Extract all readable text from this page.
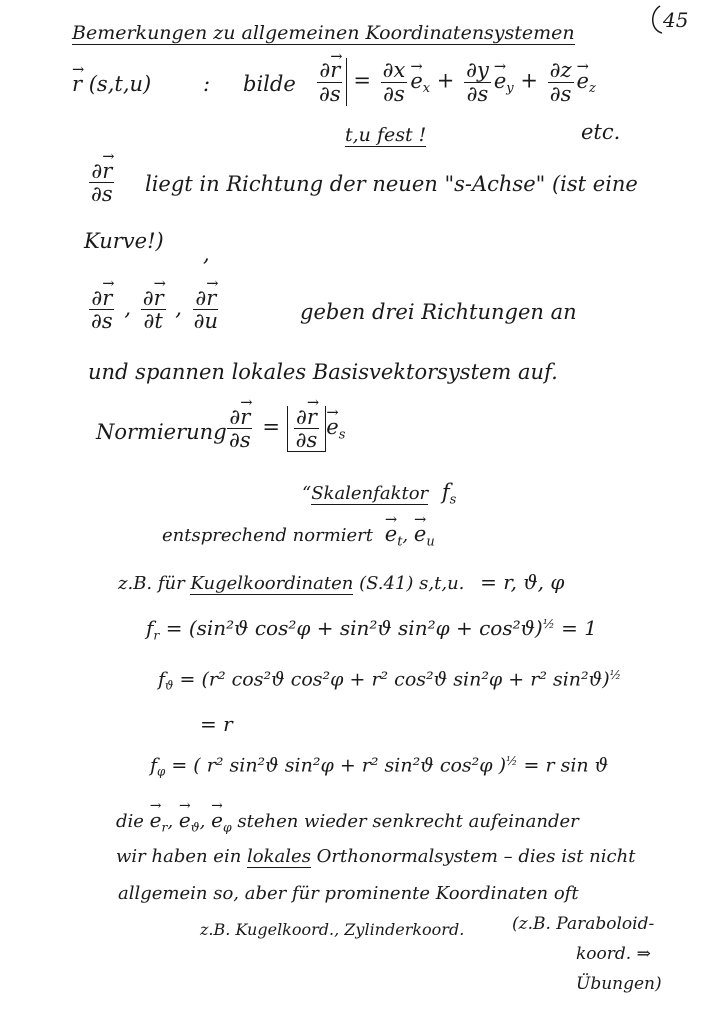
45
Bemerkungen zu allgemeinen Koordinatensystemen
→ r (s,t,u) : bilde $\frac{\partial\to r}{\partial s} = \frac{\partial x}{\partial s}$
→ $e_x + \frac{\partial y}{\partial s}$
→ $e_y + \frac{\partial z}{\partial s}$
→ $e_z$
t,u fest !	etc.
$\frac{\partial\to r}{\partial s}$ liegt in Richtung der neuen "s-Achse" (ist eine
Kurve!)
,
$\frac{\partial\to r}{\partial s}$ , $\frac{\partial\to r}{\partial t}$ , $\frac{\partial\to r}{\partial u}$	geben drei Richtungen an
und spannen lokales Basisvektorsystem auf.
Normierung $\frac{\partial\to r}{\partial s} = \frac{\partial\to r}{\partial s}$
→ $e_s$
“Skalenfaktor $f_s$
entsprechend normiert → $e_t$, → $e_u$
z.B. für Kugelkoordinaten (S.41) s,t,u. = r, ϑ, φ
$f_r = (\sin^2ϑ$ cos²φ + sin²ϑ sin²φ + cos²ϑ)$^{\frac{1}{2}}$ = 1
$f_ϑ = (r^2$ cos²ϑ cos²φ + r² cos²ϑ sin²φ + r² sin²ϑ)$^{\frac{1}{2}}$
= r
$f_\varphi$ = ( r² sin²ϑ sin²φ + r² sin²ϑ cos²φ )$^{\frac{1}{2}}$ = r sin ϑ
die → $e_r$, → $e_ϑ$, → $e_\varphi$ stehen wieder senkrecht aufeinander
wir haben ein lokales Orthonormalsystem – dies ist nicht
allgemein so, aber für prominente Koordinaten oft
z.B. Kugelkoord., Zylinderkoord.	(z.B. Paraboloid-
koord. ⇒
Übungen)
